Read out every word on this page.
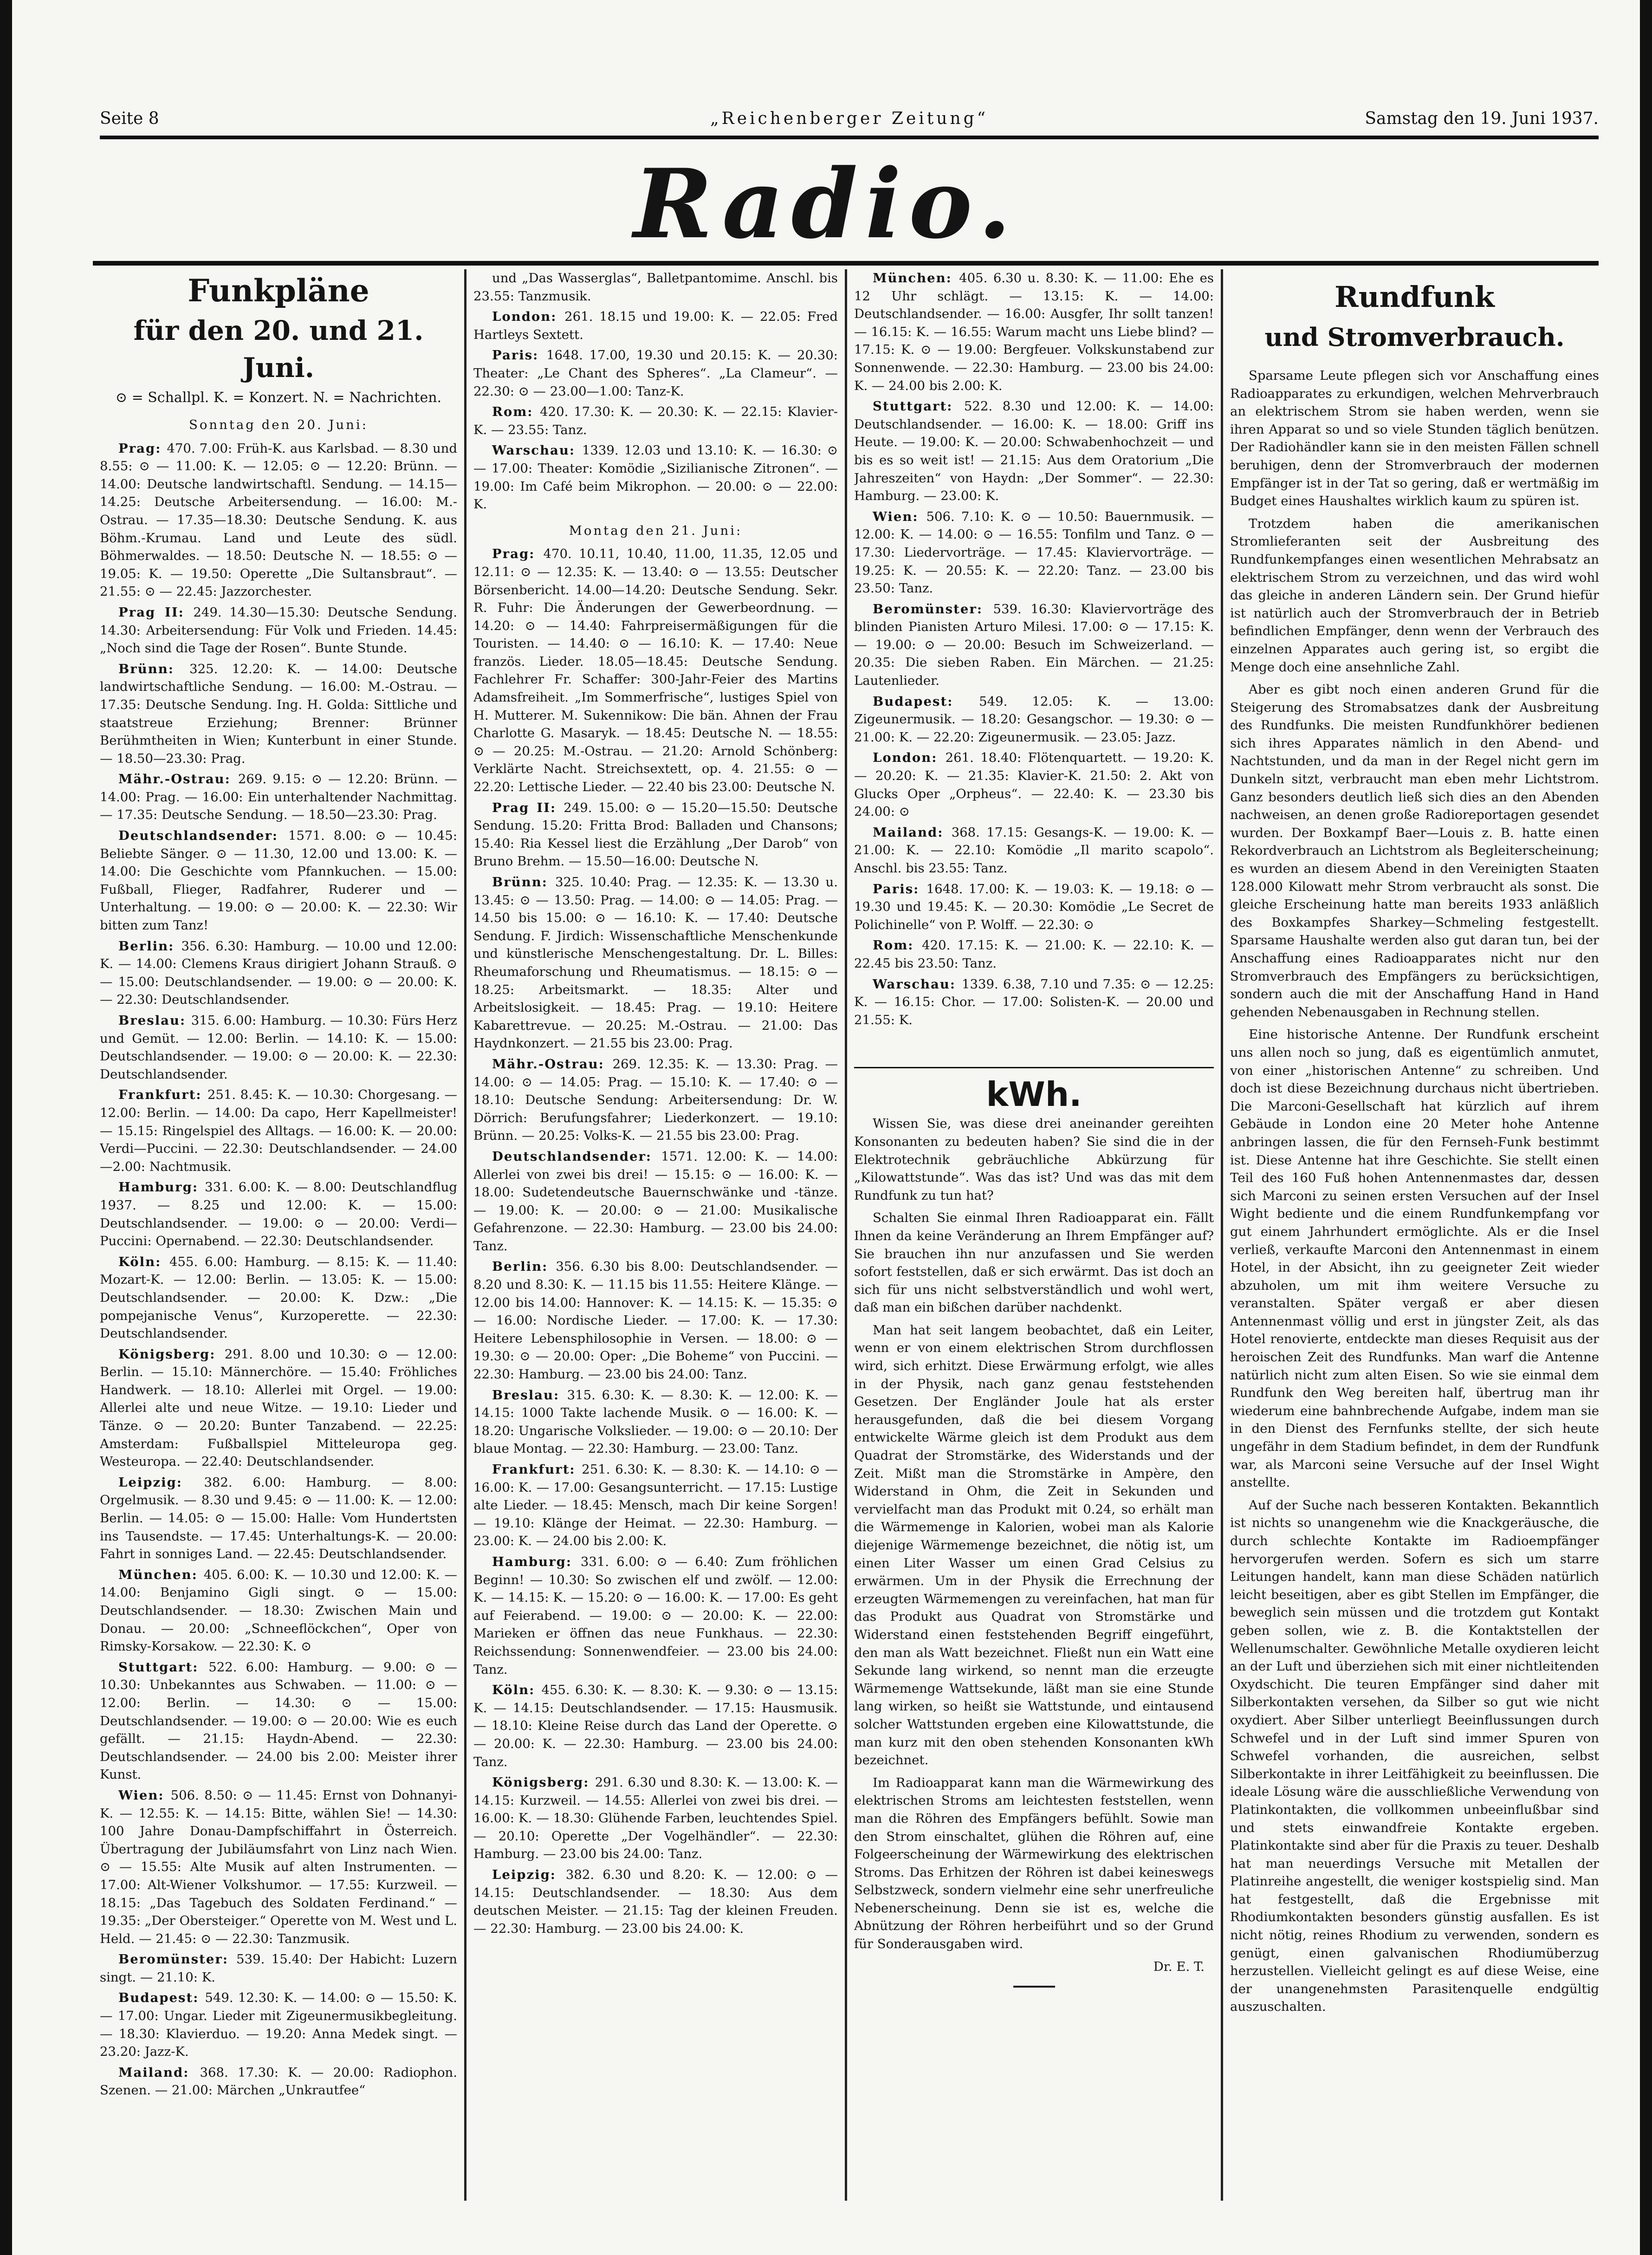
Seite 8	„Reichenberger Zeitung“	Samstag den 19. Juni 1937.
Radio.
Funkpläne
für den 20. und 21. Juni.
⊙ = Schallpl. K. = Konzert. N. = Nachrichten.
Sonntag den 20. Juni:
Prag: 470. 7.00: Früh-K. aus Karlsbad. — 8.30 und 8.55: ⊙ — 11.00: K. — 12.05: ⊙ — 12.20: Brünn. — 14.00: Deutsche landwirtschaftl. Sendung. — 14.15—14.25: Deutsche Arbeitersendung. — 16.00: M.-Ostrau. — 17.35—18.30: Deutsche Sendung. K. aus Böhm.-Krumau. Land und Leute des südl. Böhmerwaldes. — 18.50: Deutsche N. — 18.55: ⊙ — 19.05: K. — 19.50: Operette „Die Sultansbraut“. — 21.55: ⊙ — 22.45: Jazzorchester.
Prag II: 249. 14.30—15.30: Deutsche Sendung. 14.30: Arbeitersendung: Für Volk und Frieden. 14.45: „Noch sind die Tage der Rosen“. Bunte Stunde.
Brünn: 325. 12.20: K. — 14.00: Deutsche landwirtschaftliche Sendung. — 16.00: M.-Ostrau. — 17.35: Deutsche Sendung. Ing. H. Golda: Sittliche und staatstreue Erziehung; Brenner: Brünner Berühmtheiten in Wien; Kunterbunt in einer Stunde. — 18.50—23.30: Prag.
Mähr.-Ostrau: 269. 9.15: ⊙ — 12.20: Brünn. — 14.00: Prag. — 16.00: Ein unterhaltender Nachmittag. — 17.35: Deutsche Sendung. — 18.50—23.30: Prag.
Deutschlandsender: 1571. 8.00: ⊙ — 10.45: Beliebte Sänger. ⊙ — 11.30, 12.00 und 13.00: K. — 14.00: Die Geschichte vom Pfannkuchen. — 15.00: Fußball, Flieger, Radfahrer, Ruderer und — Unterhaltung. — 19.00: ⊙ — 20.00: K. — 22.30: Wir bitten zum Tanz!
Berlin: 356. 6.30: Hamburg. — 10.00 und 12.00: K. — 14.00: Clemens Kraus dirigiert Johann Strauß. ⊙ — 15.00: Deutschlandsender. — 19.00: ⊙ — 20.00: K. — 22.30: Deutschlandsender.
Breslau: 315. 6.00: Hamburg. — 10.30: Fürs Herz und Gemüt. — 12.00: Berlin. — 14.10: K. — 15.00: Deutschlandsender. — 19.00: ⊙ — 20.00: K. — 22.30: Deutschlandsender.
Frankfurt: 251. 8.45: K. — 10.30: Chorgesang. — 12.00: Berlin. — 14.00: Da capo, Herr Kapellmeister! — 15.15: Ringelspiel des Alltags. — 16.00: K. — 20.00: Verdi—Puccini. — 22.30: Deutschlandsender. — 24.00—2.00: Nachtmusik.
Hamburg: 331. 6.00: K. — 8.00: Deutschlandflug 1937. — 8.25 und 12.00: K. — 15.00: Deutschlandsender. — 19.00: ⊙ — 20.00: Verdi—Puccini: Opernabend. — 22.30: Deutschlandsender.
Köln: 455. 6.00: Hamburg. — 8.15: K. — 11.40: Mozart-K. — 12.00: Berlin. — 13.05: K. — 15.00: Deutschlandsender. — 20.00: K. Dzw.: „Die pompejanische Venus“, Kurzoperette. — 22.30: Deutschlandsender.
Königsberg: 291. 8.00 und 10.30: ⊙ — 12.00: Berlin. — 15.10: Männerchöre. — 15.40: Fröhliches Handwerk. — 18.10: Allerlei mit Orgel. — 19.00: Allerlei alte und neue Witze. — 19.10: Lieder und Tänze. ⊙ — 20.20: Bunter Tanzabend. — 22.25: Amsterdam: Fußballspiel Mitteleuropa geg. Westeuropa. — 22.40: Deutschlandsender.
Leipzig: 382. 6.00: Hamburg. — 8.00: Orgelmusik. — 8.30 und 9.45: ⊙ — 11.00: K. — 12.00: Berlin. — 14.05: ⊙ — 15.00: Halle: Vom Hundertsten ins Tausendste. — 17.45: Unterhaltungs-K. — 20.00: Fahrt in sonniges Land. — 22.45: Deutschlandsender.
München: 405. 6.00: K. — 10.30 und 12.00: K. — 14.00: Benjamino Gigli singt. ⊙ — 15.00: Deutschlandsender. — 18.30: Zwischen Main und Donau. — 20.00: „Schneeflöckchen“, Oper von Rimsky-Korsakow. — 22.30: K. ⊙
Stuttgart: 522. 6.00: Hamburg. — 9.00: ⊙ — 10.30: Unbekanntes aus Schwaben. — 11.00: ⊙ — 12.00: Berlin. — 14.30: ⊙ — 15.00: Deutschlandsender. — 19.00: ⊙ — 20.00: Wie es euch gefällt. — 21.15: Haydn-Abend. — 22.30: Deutschlandsender. — 24.00 bis 2.00: Meister ihrer Kunst.
Wien: 506. 8.50: ⊙ — 11.45: Ernst von Dohnanyi-K. — 12.55: K. — 14.15: Bitte, wählen Sie! — 14.30: 100 Jahre Donau-Dampfschiffahrt in Österreich. Übertragung der Jubiläumsfahrt von Linz nach Wien. ⊙ — 15.55: Alte Musik auf alten Instrumenten. — 17.00: Alt-Wiener Volkshumor. — 17.55: Kurzweil. — 18.15: „Das Tagebuch des Soldaten Ferdinand.“ — 19.35: „Der Obersteiger.“ Operette von M. West und L. Held. — 21.45: ⊙ — 22.30: Tanzmusik.
Beromünster: 539. 15.40: Der Habicht: Luzern singt. — 21.10: K.
Budapest: 549. 12.30: K. — 14.00: ⊙ — 15.50: K. — 17.00: Ungar. Lieder mit Zigeunermusikbegleitung. — 18.30: Klavierduo. — 19.20: Anna Medek singt. — 23.20: Jazz-K.
Mailand: 368. 17.30: K. — 20.00: Radiophon. Szenen. — 21.00: Märchen „Unkrautfee“
und „Das Wasserglas“, Balletpantomime. Anschl. bis 23.55: Tanzmusik.
London: 261. 18.15 und 19.00: K. — 22.05: Fred Hartleys Sextett.
Paris: 1648. 17.00, 19.30 und 20.15: K. — 20.30: Theater: „Le Chant des Spheres“. „La Clameur“. — 22.30: ⊙ — 23.00—1.00: Tanz-K.
Rom: 420. 17.30: K. — 20.30: K. — 22.15: Klavier-K. — 23.55: Tanz.
Warschau: 1339. 12.03 und 13.10: K. — 16.30: ⊙ — 17.00: Theater: Komödie „Sizilianische Zitronen“. — 19.00: Im Café beim Mikrophon. — 20.00: ⊙ — 22.00: K.
Montag den 21. Juni:
Prag: 470. 10.11, 10.40, 11.00, 11.35, 12.05 und 12.11: ⊙ — 12.35: K. — 13.40: ⊙ — 13.55: Deutscher Börsenbericht. 14.00—14.20: Deutsche Sendung. Sekr. R. Fuhr: Die Änderungen der Gewerbeordnung. — 14.20: ⊙ — 14.40: Fahrpreisermäßigungen für die Touristen. — 14.40: ⊙ — 16.10: K. — 17.40: Neue französ. Lieder. 18.05—18.45: Deutsche Sendung. Fachlehrer Fr. Schaffer: 300-Jahr-Feier des Martins Adamsfreiheit. „Im Sommerfrische“, lustiges Spiel von H. Mutterer. M. Sukennikow: Die bän. Ahnen der Frau Charlotte G. Masaryk. — 18.45: Deutsche N. — 18.55: ⊙ — 20.25: M.-Ostrau. — 21.20: Arnold Schönberg: Verklärte Nacht. Streichsextett, op. 4. 21.55: ⊙ — 22.20: Lettische Lieder. — 22.40 bis 23.00: Deutsche N.
Prag II: 249. 15.00: ⊙ — 15.20—15.50: Deutsche Sendung. 15.20: Fritta Brod: Balladen und Chansons; 15.40: Ria Kessel liest die Erzählung „Der Darob“ von Bruno Brehm. — 15.50—16.00: Deutsche N.
Brünn: 325. 10.40: Prag. — 12.35: K. — 13.30 u. 13.45: ⊙ — 13.50: Prag. — 14.00: ⊙ — 14.05: Prag. — 14.50 bis 15.00: ⊙ — 16.10: K. — 17.40: Deutsche Sendung. F. Jirdich: Wissenschaftliche Menschenkunde und künstlerische Menschengestaltung. Dr. L. Billes: Rheumaforschung und Rheumatismus. — 18.15: ⊙ — 18.25: Arbeitsmarkt. — 18.35: Alter und Arbeitslosigkeit. — 18.45: Prag. — 19.10: Heitere Kabarettrevue. — 20.25: M.-Ostrau. — 21.00: Das Haydnkonzert. — 21.55 bis 23.00: Prag.
Mähr.-Ostrau: 269. 12.35: K. — 13.30: Prag. — 14.00: ⊙ — 14.05: Prag. — 15.10: K. — 17.40: ⊙ — 18.10: Deutsche Sendung: Arbeitersendung: Dr. W. Dörrich: Berufungsfahrer; Liederkonzert. — 19.10: Brünn. — 20.25: Volks-K. — 21.55 bis 23.00: Prag.
Deutschlandsender: 1571. 12.00: K. — 14.00: Allerlei von zwei bis drei! — 15.15: ⊙ — 16.00: K. — 18.00: Sudetendeutsche Bauernschwänke und -tänze. — 19.00: K. — 20.00: ⊙ — 21.00: Musikalische Gefahrenzone. — 22.30: Hamburg. — 23.00 bis 24.00: Tanz.
Berlin: 356. 6.30 bis 8.00: Deutschlandsender. — 8.20 und 8.30: K. — 11.15 bis 11.55: Heitere Klänge. — 12.00 bis 14.00: Hannover: K. — 14.15: K. — 15.35: ⊙ — 16.00: Nordische Lieder. — 17.00: K. — 17.30: Heitere Lebensphilosophie in Versen. — 18.00: ⊙ — 19.30: ⊙ — 20.00: Oper: „Die Boheme“ von Puccini. — 22.30: Hamburg. — 23.00 bis 24.00: Tanz.
Breslau: 315. 6.30: K. — 8.30: K. — 12.00: K. — 14.15: 1000 Takte lachende Musik. ⊙ — 16.00: K. — 18.20: Ungarische Volkslieder. — 19.00: ⊙ — 20.10: Der blaue Montag. — 22.30: Hamburg. — 23.00: Tanz.
Frankfurt: 251. 6.30: K. — 8.30: K. — 14.10: ⊙ — 16.00: K. — 17.00: Gesangsunterricht. — 17.15: Lustige alte Lieder. — 18.45: Mensch, mach Dir keine Sorgen! — 19.10: Klänge der Heimat. — 22.30: Hamburg. — 23.00: K. — 24.00 bis 2.00: K.
Hamburg: 331. 6.00: ⊙ — 6.40: Zum fröhlichen Beginn! — 10.30: So zwischen elf und zwölf. — 12.00: K. — 14.15: K. — 15.20: ⊙ — 16.00: K. — 17.00: Es geht auf Feierabend. — 19.00: ⊙ — 20.00: K. — 22.00: Marieken er öffnen das neue Funkhaus. — 22.30: Reichssendung: Sonnenwendfeier. — 23.00 bis 24.00: Tanz.
Köln: 455. 6.30: K. — 8.30: K. — 9.30: ⊙ — 13.15: K. — 14.15: Deutschlandsender. — 17.15: Hausmusik. — 18.10: Kleine Reise durch das Land der Operette. ⊙ — 20.00: K. — 22.30: Hamburg. — 23.00 bis 24.00: Tanz.
Königsberg: 291. 6.30 und 8.30: K. — 13.00: K. — 14.15: Kurzweil. — 14.55: Allerlei von zwei bis drei. — 16.00: K. — 18.30: Glühende Farben, leuchtendes Spiel. — 20.10: Operette „Der Vogelhändler“. — 22.30: Hamburg. — 23.00 bis 24.00: Tanz.
Leipzig: 382. 6.30 und 8.20: K. — 12.00: ⊙ — 14.15: Deutschlandsender. — 18.30: Aus dem deutschen Meister. — 21.15: Tag der kleinen Freuden. — 22.30: Hamburg. — 23.00 bis 24.00: K.
München: 405. 6.30 u. 8.30: K. — 11.00: Ehe es 12 Uhr schlägt. — 13.15: K. — 14.00: Deutschlandsender. — 16.00: Ausgfer, Ihr sollt tanzen! — 16.15: K. — 16.55: Warum macht uns Liebe blind? — 17.15: K. ⊙ — 19.00: Bergfeuer. Volkskunstabend zur Sonnenwende. — 22.30: Hamburg. — 23.00 bis 24.00: K. — 24.00 bis 2.00: K.
Stuttgart: 522. 8.30 und 12.00: K. — 14.00: Deutschlandsender. — 16.00: K. — 18.00: Griff ins Heute. — 19.00: K. — 20.00: Schwabenhochzeit — und bis es so weit ist! — 21.15: Aus dem Oratorium „Die Jahreszeiten“ von Haydn: „Der Sommer“. — 22.30: Hamburg. — 23.00: K.
Wien: 506. 7.10: K. ⊙ — 10.50: Bauernmusik. — 12.00: K. — 14.00: ⊙ — 16.55: Tonfilm und Tanz. ⊙ — 17.30: Liedervorträge. — 17.45: Klaviervorträge. — 19.25: K. — 20.55: K. — 22.20: Tanz. — 23.00 bis 23.50: Tanz.
Beromünster: 539. 16.30: Klaviervorträge des blinden Pianisten Arturo Milesi. 17.00: ⊙ — 17.15: K. — 19.00: ⊙ — 20.00: Besuch im Schweizerland. — 20.35: Die sieben Raben. Ein Märchen. — 21.25: Lautenlieder.
Budapest: 549. 12.05: K. — 13.00: Zigeunermusik. — 18.20: Gesangschor. — 19.30: ⊙ — 21.00: K. — 22.20: Zigeunermusik. — 23.05: Jazz.
London: 261. 18.40: Flötenquartett. — 19.20: K. — 20.20: K. — 21.35: Klavier-K. 21.50: 2. Akt von Glucks Oper „Orpheus“. — 22.40: K. — 23.30 bis 24.00: ⊙
Mailand: 368. 17.15: Gesangs-K. — 19.00: K. — 21.00: K. — 22.10: Komödie „Il marito scapolo“. Anschl. bis 23.55: Tanz.
Paris: 1648. 17.00: K. — 19.03: K. — 19.18: ⊙ — 19.30 und 19.45: K. — 20.30: Komödie „Le Secret de Polichinelle“ von P. Wolff. — 22.30: ⊙
Rom: 420. 17.15: K. — 21.00: K. — 22.10: K. — 22.45 bis 23.50: Tanz.
Warschau: 1339. 6.38, 7.10 und 7.35: ⊙ — 12.25: K. — 16.15: Chor. — 17.00: Solisten-K. — 20.00 und 21.55: K.
kWh.

Wissen Sie, was diese drei aneinander gereihten Konsonanten zu bedeuten haben? Sie sind die in der Elektrotechnik gebräuchliche Abkürzung für „Kilowattstunde“. Was das ist? Und was das mit dem Rundfunk zu tun hat?

Schalten Sie einmal Ihren Radioapparat ein. Fällt Ihnen da keine Veränderung an Ihrem Empfänger auf? Sie brauchen ihn nur anzufassen und Sie werden sofort feststellen, daß er sich erwärmt. Das ist doch an sich für uns nicht selbstverständlich und wohl wert, daß man ein bißchen darüber nachdenkt.

Man hat seit langem beobachtet, daß ein Leiter, wenn er von einem elektrischen Strom durchflossen wird, sich erhitzt. Diese Erwärmung erfolgt, wie alles in der Physik, nach ganz genau feststehenden Gesetzen. Der Engländer Joule hat als erster herausgefunden, daß die bei diesem Vorgang entwickelte Wärme gleich ist dem Produkt aus dem Quadrat der Stromstärke, des Widerstands und der Zeit. Mißt man die Stromstärke in Ampère, den Widerstand in Ohm, die Zeit in Sekunden und vervielfacht man das Produkt mit 0.24, so erhält man die Wärmemenge in Kalorien, wobei man als Kalorie diejenige Wärmemenge bezeichnet, die nötig ist, um einen Liter Wasser um einen Grad Celsius zu erwärmen. Um in der Physik die Errechnung der erzeugten Wärmemengen zu vereinfachen, hat man für das Produkt aus Quadrat von Stromstärke und Widerstand einen feststehenden Begriff eingeführt, den man als Watt bezeichnet. Fließt nun ein Watt eine Sekunde lang wirkend, so nennt man die erzeugte Wärmemenge Wattsekunde, läßt man sie eine Stunde lang wirken, so heißt sie Wattstunde, und eintausend solcher Wattstunden ergeben eine Kilowattstunde, die man kurz mit den oben stehenden Konsonanten kWh bezeichnet.

Im Radioapparat kann man die Wärmewirkung des elektrischen Stroms am leichtesten feststellen, wenn man die Röhren des Empfängers befühlt. Sowie man den Strom einschaltet, glühen die Röhren auf, eine Folgeerscheinung der Wärmewirkung des elektrischen Stroms. Das Erhitzen der Röhren ist dabei keineswegs Selbstzweck, sondern vielmehr eine sehr unerfreuliche Nebenerscheinung. Denn sie ist es, welche die Abnützung der Röhren herbeiführt und so der Grund für Sonderausgaben wird.

Dr. E. T.
Rundfunk
und Stromverbrauch.

Sparsame Leute pflegen sich vor Anschaffung eines Radioapparates zu erkundigen, welchen Mehrverbrauch an elektrischem Strom sie haben werden, wenn sie ihren Apparat so und so viele Stunden täglich benützen. Der Radiohändler kann sie in den meisten Fällen schnell beruhigen, denn der Stromverbrauch der modernen Empfänger ist in der Tat so gering, daß er wertmäßig im Budget eines Haushaltes wirklich kaum zu spüren ist.

Trotzdem haben die amerikanischen Stromlieferanten seit der Ausbreitung des Rundfunkempfanges einen wesentlichen Mehrabsatz an elektrischem Strom zu verzeichnen, und das wird wohl das gleiche in anderen Ländern sein. Der Grund hiefür ist natürlich auch der Stromverbrauch der in Betrieb befindlichen Empfänger, denn wenn der Verbrauch des einzelnen Apparates auch gering ist, so ergibt die Menge doch eine ansehnliche Zahl.

Aber es gibt noch einen anderen Grund für die Steigerung des Stromabsatzes dank der Ausbreitung des Rundfunks. Die meisten Rundfunkhörer bedienen sich ihres Apparates nämlich in den Abend- und Nachtstunden, und da man in der Regel nicht gern im Dunkeln sitzt, verbraucht man eben mehr Lichtstrom. Ganz besonders deutlich ließ sich dies an den Abenden nachweisen, an denen große Radioreportagen gesendet wurden. Der Boxkampf Baer—Louis z. B. hatte einen Rekordverbrauch an Lichtstrom als Begleiterscheinung; es wurden an diesem Abend in den Vereinigten Staaten 128.000 Kilowatt mehr Strom verbraucht als sonst. Die gleiche Erscheinung hatte man bereits 1933 anläßlich des Boxkampfes Sharkey—Schmeling festgestellt. Sparsame Haushalte werden also gut daran tun, bei der Anschaffung eines Radioapparates nicht nur den Stromverbrauch des Empfängers zu berücksichtigen, sondern auch die mit der Anschaffung Hand in Hand gehenden Nebenausgaben in Rechnung stellen.

Eine historische Antenne. Der Rundfunk erscheint uns allen noch so jung, daß es eigentümlich anmutet, von einer „historischen Antenne“ zu schreiben. Und doch ist diese Bezeichnung durchaus nicht übertrieben. Die Marconi-Gesellschaft hat kürzlich auf ihrem Gebäude in London eine 20 Meter hohe Antenne anbringen lassen, die für den Fernseh-Funk bestimmt ist. Diese Antenne hat ihre Geschichte. Sie stellt einen Teil des 160 Fuß hohen Antennenmastes dar, dessen sich Marconi zu seinen ersten Versuchen auf der Insel Wight bediente und die einem Rundfunkempfang vor gut einem Jahrhundert ermöglichte. Als er die Insel verließ, verkaufte Marconi den Antennenmast in einem Hotel, in der Absicht, ihn zu geeigneter Zeit wieder abzuholen, um mit ihm weitere Versuche zu veranstalten. Später vergaß er aber diesen Antennenmast völlig und erst in jüngster Zeit, als das Hotel renovierte, entdeckte man dieses Requisit aus der heroischen Zeit des Rundfunks. Man warf die Antenne natürlich nicht zum alten Eisen. So wie sie einmal dem Rundfunk den Weg bereiten half, übertrug man ihr wiederum eine bahnbrechende Aufgabe, indem man sie in den Dienst des Fernfunks stellte, der sich heute ungefähr in dem Stadium befindet, in dem der Rundfunk war, als Marconi seine Versuche auf der Insel Wight anstellte.

Auf der Suche nach besseren Kontakten. Bekanntlich ist nichts so unangenehm wie die Knackgeräusche, die durch schlechte Kontakte im Radioempfänger hervorgerufen werden. Sofern es sich um starre Leitungen handelt, kann man diese Schäden natürlich leicht beseitigen, aber es gibt Stellen im Empfänger, die beweglich sein müssen und die trotzdem gut Kontakt geben sollen, wie z. B. die Kontaktstellen der Wellenumschalter. Gewöhnliche Metalle oxydieren leicht an der Luft und überziehen sich mit einer nichtleitenden Oxydschicht. Die teuren Empfänger sind daher mit Silberkontakten versehen, da Silber so gut wie nicht oxydiert. Aber Silber unterliegt Beeinflussungen durch Schwefel und in der Luft sind immer Spuren von Schwefel vorhanden, die ausreichen, selbst Silberkontakte in ihrer Leitfähigkeit zu beeinflussen. Die ideale Lösung wäre die ausschließliche Verwendung von Platinkontakten, die vollkommen unbeeinflußbar sind und stets einwandfreie Kontakte ergeben. Platinkontakte sind aber für die Praxis zu teuer. Deshalb hat man neuerdings Versuche mit Metallen der Platinreihe angestellt, die weniger kostspielig sind. Man hat festgestellt, daß die Ergebnisse mit Rhodiumkontakten besonders günstig ausfallen. Es ist nicht nötig, reines Rhodium zu verwenden, sondern es genügt, einen galvanischen Rhodiumüberzug herzustellen. Vielleicht gelingt es auf diese Weise, eine der unangenehmsten Parasitenquelle endgültig auszuschalten.
